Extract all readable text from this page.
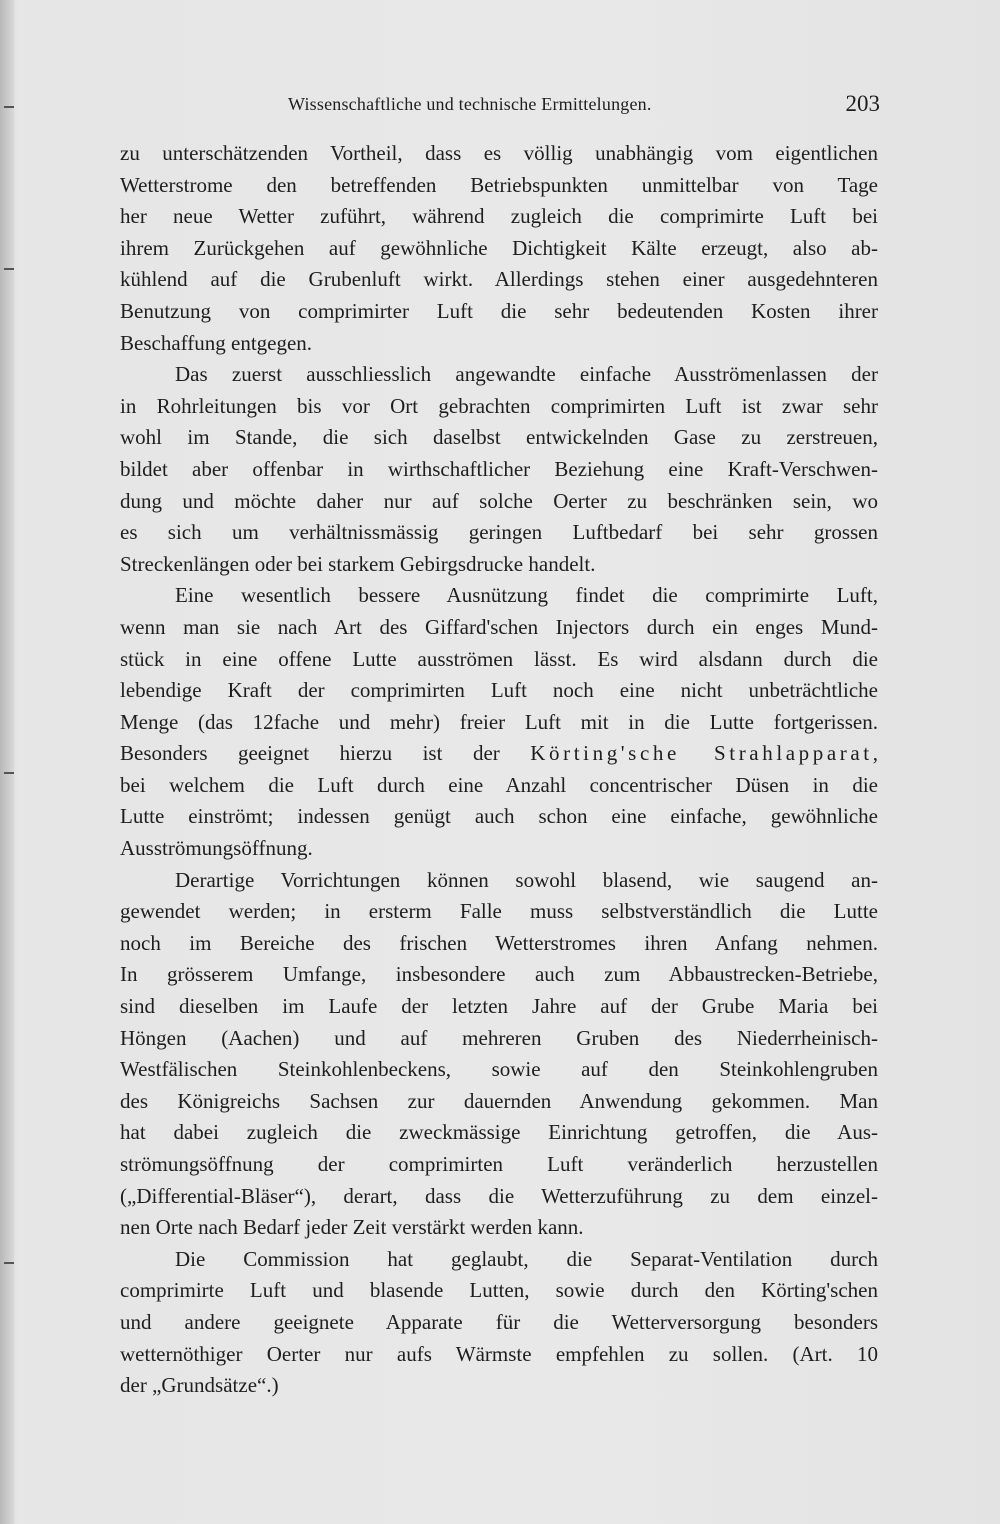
Wissenschaftliche und technische Ermittelungen.	203
zu unterschätzenden Vortheil, dass es völlig unabhängig vom eigentlichen
Wetterstrome den betreffenden Betriebspunkten unmittelbar von Tage
her neue Wetter zuführt, während zugleich die comprimirte Luft bei
ihrem Zurückgehen auf gewöhnliche Dichtigkeit Kälte erzeugt, also ab-
kühlend auf die Grubenluft wirkt. Allerdings stehen einer ausgedehnteren
Benutzung von comprimirter Luft die sehr bedeutenden Kosten ihrer
Beschaffung entgegen.
Das zuerst ausschliesslich angewandte einfache Ausströmenlassen der
in Rohrleitungen bis vor Ort gebrachten comprimirten Luft ist zwar sehr
wohl im Stande, die sich daselbst entwickelnden Gase zu zerstreuen,
bildet aber offenbar in wirthschaftlicher Beziehung eine Kraft-Verschwen-
dung und möchte daher nur auf solche Oerter zu beschränken sein, wo
es sich um verhältnissmässig geringen Luftbedarf bei sehr grossen
Streckenlängen oder bei starkem Gebirgsdrucke handelt.
Eine wesentlich bessere Ausnützung findet die comprimirte Luft,
wenn man sie nach Art des Giffard'schen Injectors durch ein enges Mund-
stück in eine offene Lutte ausströmen lässt. Es wird alsdann durch die
lebendige Kraft der comprimirten Luft noch eine nicht unbeträchtliche
Menge (das 12fache und mehr) freier Luft mit in die Lutte fortgerissen.
Besonders geeignet hierzu ist der Körting'sche Strahlapparat,
bei welchem die Luft durch eine Anzahl concentrischer Düsen in die
Lutte einströmt; indessen genügt auch schon eine einfache, gewöhnliche
Ausströmungsöffnung.
Derartige Vorrichtungen können sowohl blasend, wie saugend an-
gewendet werden; in ersterm Falle muss selbstverständlich die Lutte
noch im Bereiche des frischen Wetterstromes ihren Anfang nehmen.
In grösserem Umfange, insbesondere auch zum Abbaustrecken-Betriebe,
sind dieselben im Laufe der letzten Jahre auf der Grube Maria bei
Höngen (Aachen) und auf mehreren Gruben des Niederrheinisch-
Westfälischen Steinkohlenbeckens, sowie auf den Steinkohlengruben
des Königreichs Sachsen zur dauernden Anwendung gekommen. Man
hat dabei zugleich die zweckmässige Einrichtung getroffen, die Aus-
strömungsöffnung der comprimirten Luft veränderlich herzustellen
(„Differential-Bläser“), derart, dass die Wetterzuführung zu dem einzel-
nen Orte nach Bedarf jeder Zeit verstärkt werden kann.
Die Commission hat geglaubt, die Separat-Ventilation durch
comprimirte Luft und blasende Lutten, sowie durch den Körting'schen
und andere geeignete Apparate für die Wetterversorgung besonders
wetternöthiger Oerter nur aufs Wärmste empfehlen zu sollen. (Art. 10
der „Grundsätze“.)
